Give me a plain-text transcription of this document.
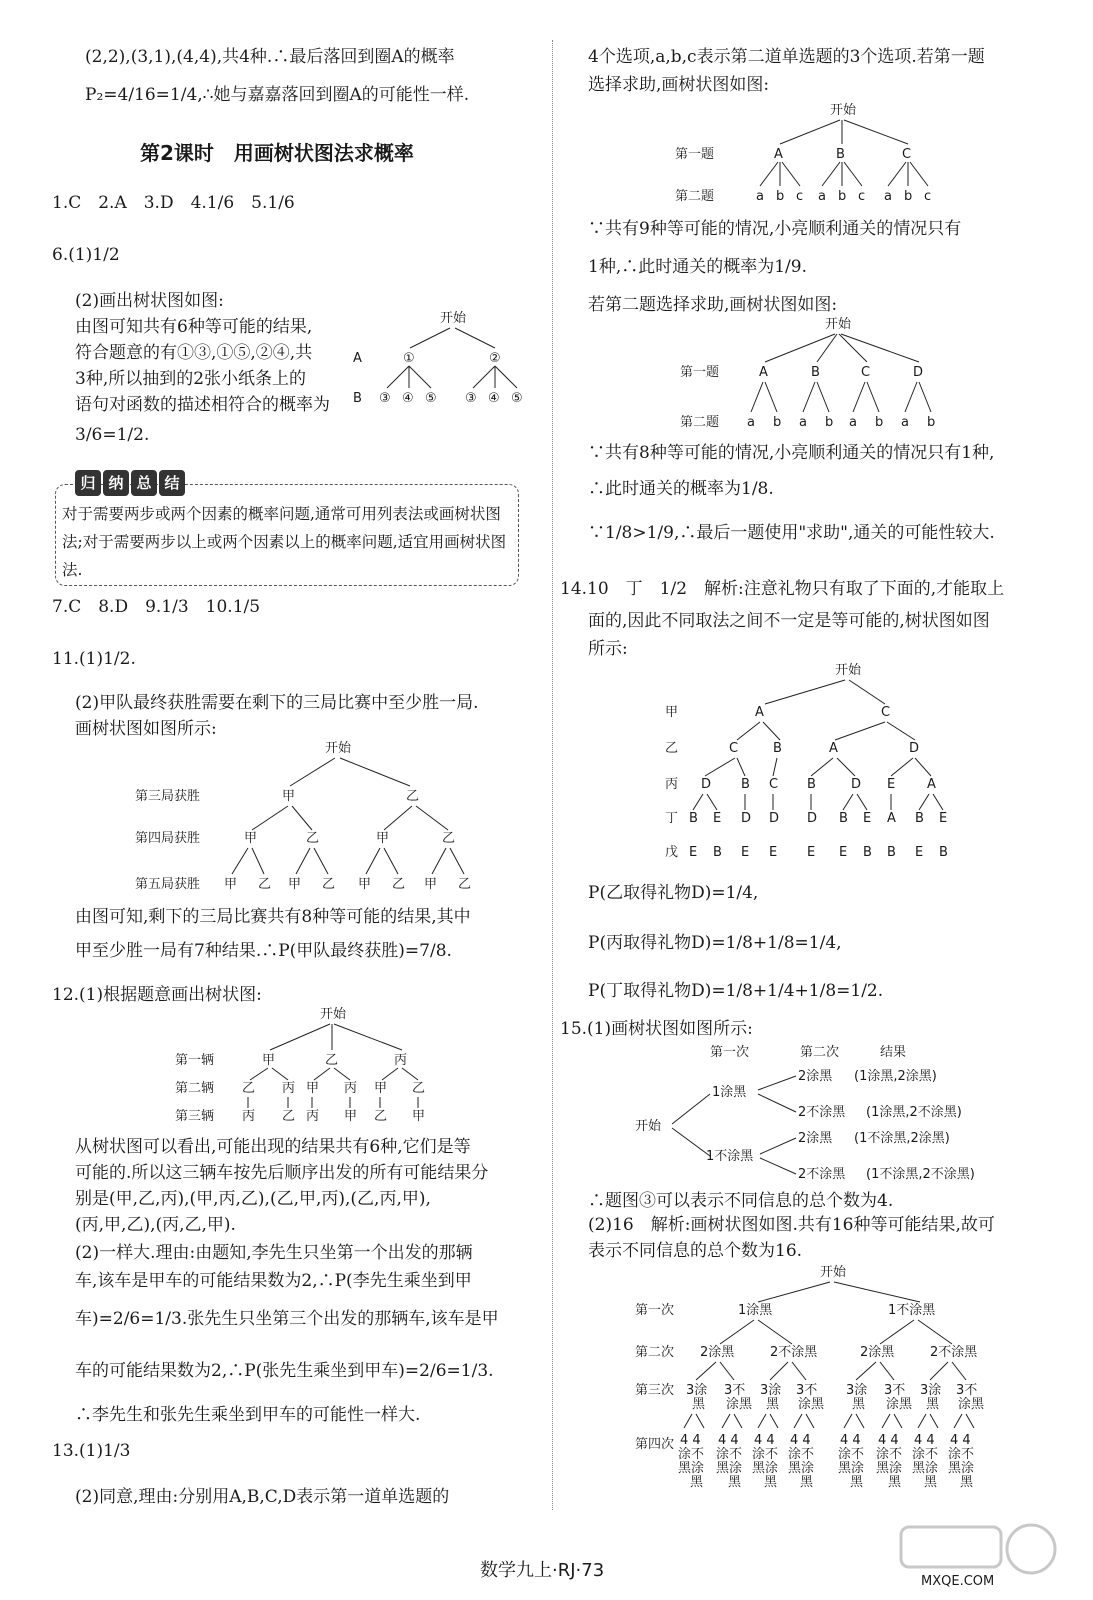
(2,2),(3,1),(4,4),共4种.∴最后落回到圈A的概率
P₂=4/16=1/4,∴她与嘉嘉落回到圈A的可能性一样.
第2课时　用画树状图法求概率
1.C　2.A　3.D　4.1/6　5.1/6
6.(1)1/2
(2)画出树状图如图:
由图可知共有6种等可能的结果,
符合题意的有①③,①⑤,②④,共
3种,所以抽到的2张小纸条上的
语句对函数的描述相符合的概率为
3/6=1/2.
开始
A
B
①	②
③ ④ ⑤ ③ ④ ⑤
归 纳 总 结
对于需要两步或两个因素的概率问题,通常可用列表法或画树状图法;对于需要两步以上或两个因素以上的概率问题,适宜用画树状图法.
7.C　8.D　9.1/3　10.1/5
11.(1)1/2.
(2)甲队最终获胜需要在剩下的三局比赛中至少胜一局.
画树状图如图所示:
开始
第三局获胜
第四局获胜
第五局获胜
甲	乙
甲	乙	甲	乙
甲 乙 甲 乙 甲 乙 甲 乙
由图可知,剩下的三局比赛共有8种等可能的结果,其中
甲至少胜一局有7种结果.∴P(甲队最终获胜)=7/8.
12.(1)根据题意画出树状图:
开始
第一辆
第二辆
第三辆
甲	乙	丙
乙 丙 甲 丙 甲 乙
丙 乙 丙 甲 乙 甲
从树状图可以看出,可能出现的结果共有6种,它们是等
可能的.所以这三辆车按先后顺序出发的所有可能结果分
别是(甲,乙,丙),(甲,丙,乙),(乙,甲,丙),(乙,丙,甲),
(丙,甲,乙),(丙,乙,甲).
(2)一样大.理由:由题知,李先生只坐第一个出发的那辆
车,该车是甲车的可能结果数为2,∴P(李先生乘坐到甲
车)=2/6=1/3.张先生只坐第三个出发的那辆车,该车是甲
车的可能结果数为2,∴P(张先生乘坐到甲车)=2/6=1/3.
∴李先生和张先生乘坐到甲车的可能性一样大.
13.(1)1/3
(2)同意,理由:分别用A,B,C,D表示第一道单选题的
4个选项,a,b,c表示第二道单选题的3个选项.若第一题
选择求助,画树状图如图:
开始
第一题
第二题
A	B	C
a b c a b c a b c
∵共有9种等可能的情况,小亮顺利通关的情况只有
1种,∴此时通关的概率为1/9.
若第二题选择求助,画树状图如图:
开始
第一题
第二题
A	B	C	D
a b a b a b a b
∵共有8种等可能的情况,小亮顺利通关的情况只有1种,
∴此时通关的概率为1/8.
∵1/8>1/9,∴最后一题使用"求助",通关的可能性较大.
14.10　丁　1/2　解析:注意礼物只有取了下面的,才能取上
面的,因此不同取法之间不一定是等可能的,树状图如图
所示:
开始
甲
乙
丙
丁
戊
A	C
C	B	A	D
D B C B	D E A
B E D D D B E A B E
E B E E E E B B E B
P(乙取得礼物D)=1/4,
P(丙取得礼物D)=1/8+1/8=1/4,
P(丁取得礼物D)=1/8+1/4+1/8=1/2.
15.(1)画树状图如图所示:
第一次	第二次	结果
开始
1涂黑
1不涂黑
2涂黑
2不涂黑
2涂黑
2不涂黑
(1涂黑,2涂黑)
(1涂黑,2不涂黑)
(1不涂黑,2涂黑)
(1不涂黑,2不涂黑)
∴题图③可以表示不同信息的总个数为4.
(2)16　解析:画树状图如图.共有16种等可能结果,故可
表示不同信息的总个数为16.
开始
第一次
第二次
第三次
第四次
1涂黑	1不涂黑
2涂黑	2不涂黑	2涂黑	2不涂黑
3涂 3不 3涂 3不 3涂 3不 3涂 3不
黑 涂黑 黑 涂黑 黑 涂黑 黑 涂黑
4 4 4 4 4 4 4 4 4 4 4 4 4 4 4 4
涂不 涂不 涂不 涂不 涂不 涂不 涂不 涂不
黑涂 黑涂 黑涂 黑涂 黑涂 黑涂 黑涂 黑涂
黑 黑 黑 黑	黑 黑 黑 黑
数学九上·RJ·73
MXQE.COM
